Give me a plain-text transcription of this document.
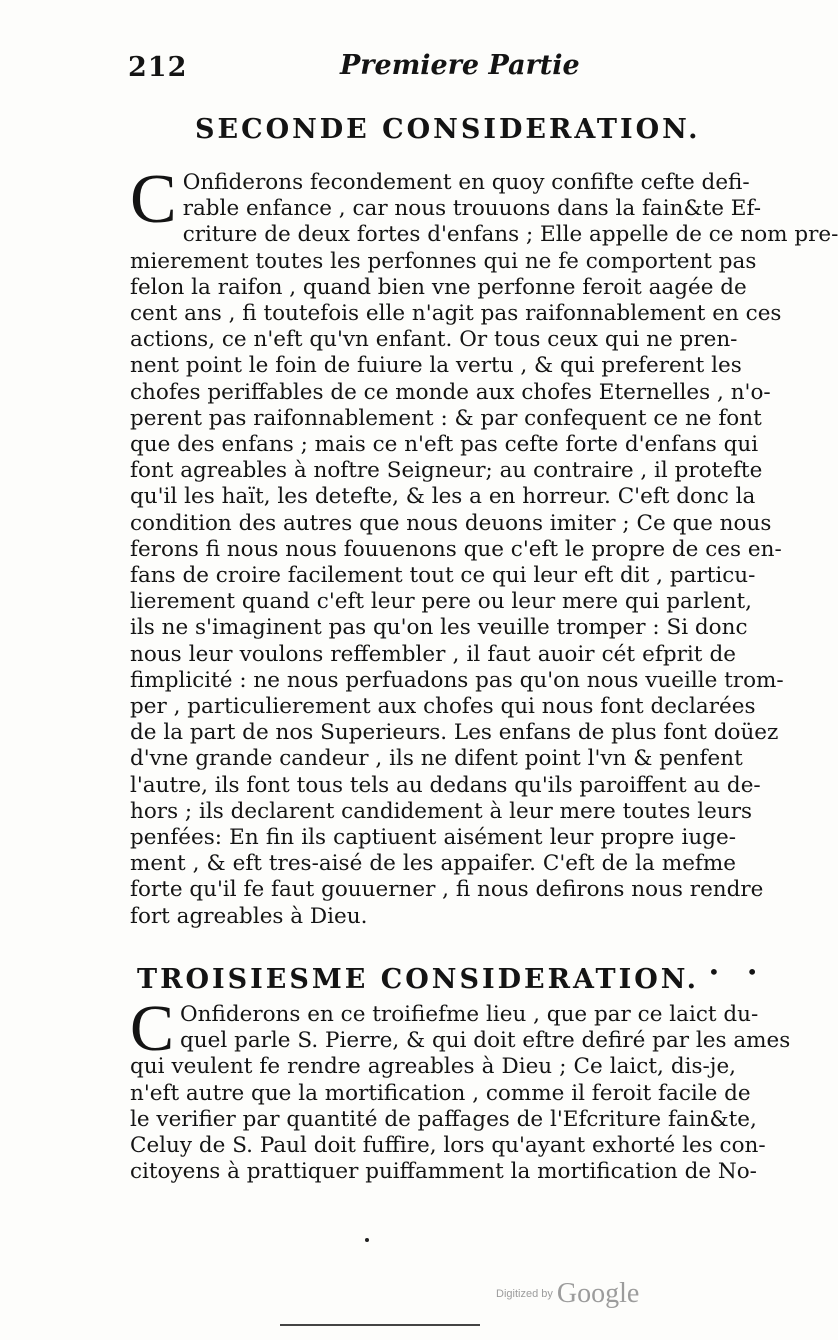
212	Premiere Partie
SECONDE CONSIDERATION.
C Onfiderons fecondement en quoy confifte cefte defi-
rable enfance , car nous trouuons dans la fain&te Ef-
criture de deux fortes d'enfans ; Elle appelle de ce nom pre-
mierement toutes les perfonnes qui ne fe comportent pas
felon la raifon , quand bien vne perfonne feroit aagée de
cent ans , fi toutefois elle n'agit pas raifonnablement en ces
actions, ce n'eft qu'vn enfant. Or tous ceux qui ne pren-
nent point le foin de fuiure la vertu , & qui preferent les
chofes periffables de ce monde aux chofes Eternelles , n'o-
perent pas raifonnablement : & par confequent ce ne font
que des enfans ; mais ce n'eft pas cefte forte d'enfans qui
font agreables à noftre Seigneur; au contraire , il protefte
qu'il les haït, les detefte, & les a en horreur. C'eft donc la
condition des autres que nous deuons imiter ; Ce que nous
ferons fi nous nous fouuenons que c'eft le propre de ces en-
fans de croire facilement tout ce qui leur eft dit , particu-
lierement quand c'eft leur pere ou leur mere qui parlent,
ils ne s'imaginent pas qu'on les veuille tromper : Si donc
nous leur voulons reffembler , il faut auoir cét efprit de
fimplicité : ne nous perfuadons pas qu'on nous vueille trom-
per , particulierement aux chofes qui nous font declarées
de la part de nos Superieurs. Les enfans de plus font doüez
d'vne grande candeur , ils ne difent point l'vn & penfent
l'autre, ils font tous tels au dedans qu'ils paroiffent au de-
hors ; ils declarent candidement à leur mere toutes leurs
penfées: En fin ils captiuent aisément leur propre iuge-
ment , & eft tres-aisé de les appaifer. C'eft de la mefme
forte qu'il fe faut gouuerner , fi nous defirons nous rendre
fort agreables à Dieu.
TROISIESME CONSIDERATION. • •
C Onfiderons en ce troifiefme lieu , que par ce laict du-
quel parle S. Pierre, & qui doit eftre defiré par les ames
qui veulent fe rendre agreables à Dieu ; Ce laict, dis-je,
n'eft autre que la mortification , comme il feroit facile de
le verifier par quantité de paffages de l'Efcriture fain&te,
Celuy de S. Paul doit fuffire, lors qu'ayant exhorté les con-
citoyens à prattiquer puiffamment la mortification de No-
Digitized by Google
